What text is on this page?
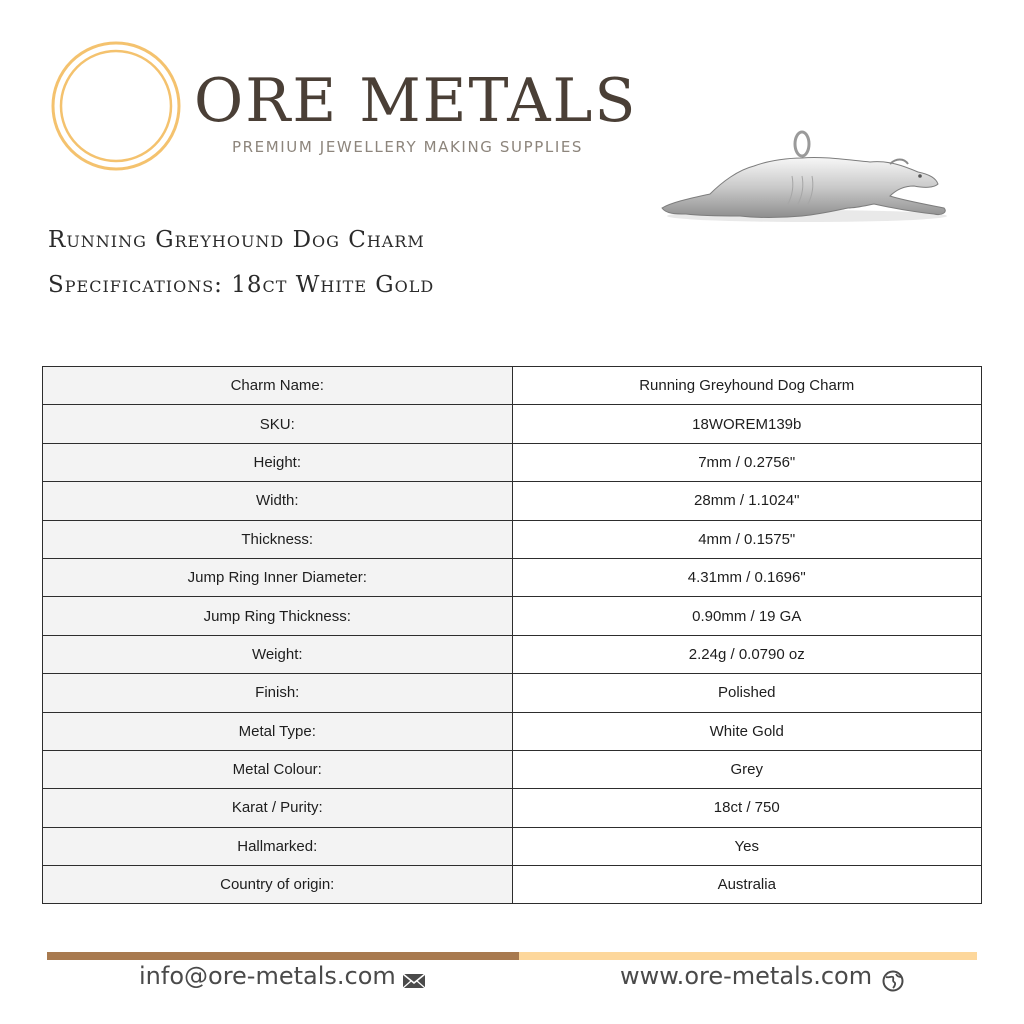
ORE METALS
PREMIUM JEWELLERY MAKING SUPPLIES
Running Greyhound Dog Charm
Specifications: 18ct White Gold
Charm Name:	Running Greyhound Dog Charm
SKU:	18WOREM139b
Height:	7mm / 0.2756"
Width:	28mm / 1.1024"
Thickness:	4mm / 0.1575"
Jump Ring Inner Diameter:	4.31mm / 0.1696"
Jump Ring Thickness:	0.90mm / 19 GA
Weight:	2.24g / 0.0790 oz
Finish:	Polished
Metal Type:	White Gold
Metal Colour:	Grey
Karat / Purity:	18ct / 750
Hallmarked:	Yes
Country of origin:	Australia
info@ore-metals.com	www.ore-metals.com
